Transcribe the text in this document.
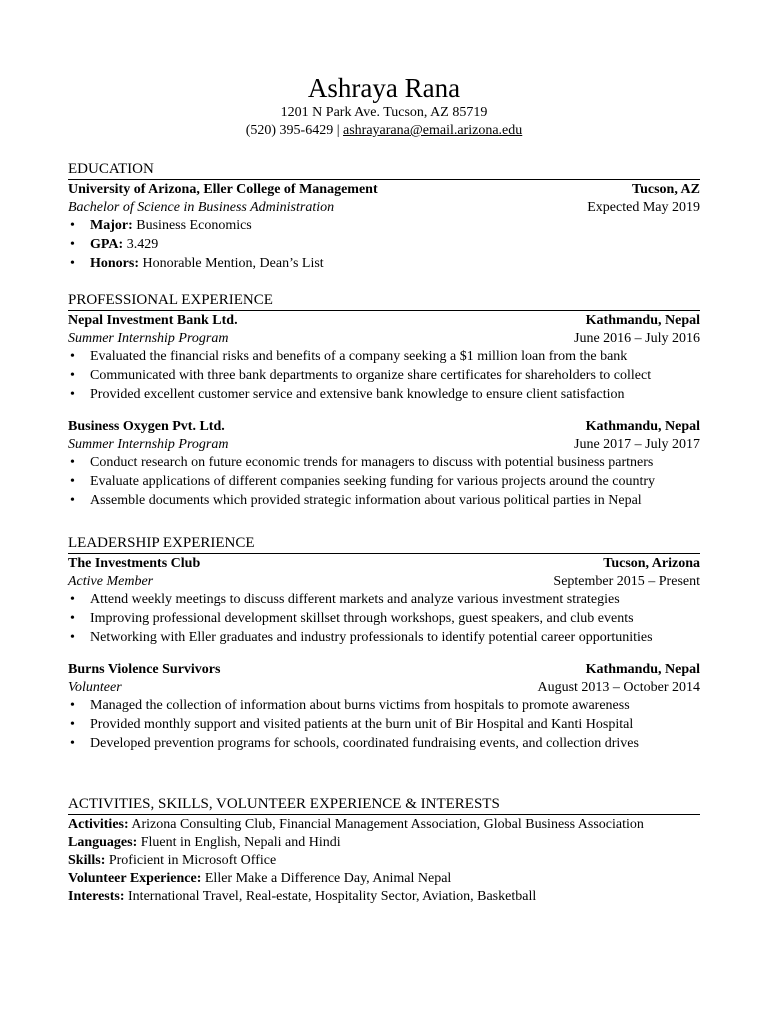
Ashraya Rana
1201 N Park Ave. Tucson, AZ 85719
(520) 395-6429 | ashrayarana@email.arizona.edu
EDUCATION
University of Arizona, Eller College of Management	Tucson, AZ
Bachelor of Science in Business Administration	Expected May 2019
• Major: Business Economics
• GPA: 3.429
• Honors: Honorable Mention, Dean’s List
PROFESSIONAL EXPERIENCE
Nepal Investment Bank Ltd.	Kathmandu, Nepal
Summer Internship Program	June 2016 – July 2016
• Evaluated the financial risks and benefits of a company seeking a $1 million loan from the bank
• Communicated with three bank departments to organize share certificates for shareholders to collect
• Provided excellent customer service and extensive bank knowledge to ensure client satisfaction
Business Oxygen Pvt. Ltd.	Kathmandu, Nepal
Summer Internship Program	June 2017 – July 2017
• Conduct research on future economic trends for managers to discuss with potential business partners
• Evaluate applications of different companies seeking funding for various projects around the country
• Assemble documents which provided strategic information about various political parties in Nepal
LEADERSHIP EXPERIENCE
The Investments Club	Tucson, Arizona
Active Member	September 2015 – Present
• Attend weekly meetings to discuss different markets and analyze various investment strategies
• Improving professional development skillset through workshops, guest speakers, and club events
• Networking with Eller graduates and industry professionals to identify potential career opportunities
Burns Violence Survivors	Kathmandu, Nepal
Volunteer	August 2013 – October 2014
• Managed the collection of information about burns victims from hospitals to promote awareness
• Provided monthly support and visited patients at the burn unit of Bir Hospital and Kanti Hospital
• Developed prevention programs for schools, coordinated fundraising events, and collection drives
ACTIVITIES, SKILLS, VOLUNTEER EXPERIENCE & INTERESTS
Activities: Arizona Consulting Club, Financial Management Association, Global Business Association
Languages: Fluent in English, Nepali and Hindi
Skills: Proficient in Microsoft Office
Volunteer Experience: Eller Make a Difference Day, Animal Nepal
Interests: International Travel, Real-estate, Hospitality Sector, Aviation, Basketball
